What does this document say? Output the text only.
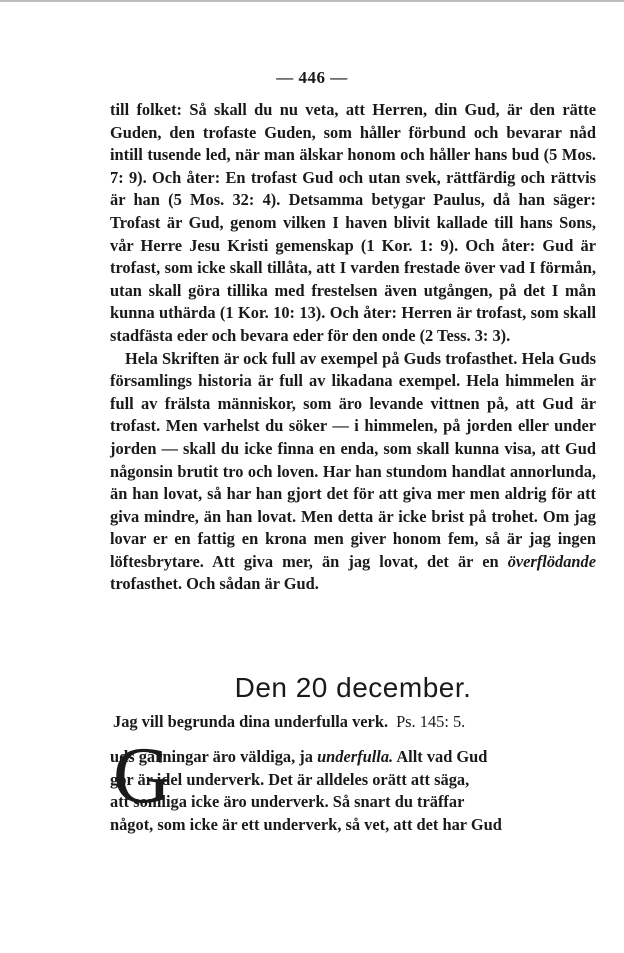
— 446 —

till folket: Så skall du nu veta, att Herren, din Gud, är den rätte Guden, den trofaste Guden, som håller förbund och bevarar nåd intill tusende led, när man älskar honom och håller hans bud (5 Mos. 7: 9). Och åter: En trofast Gud och utan svek, rättfärdig och rättvis är han (5 Mos. 32: 4). Detsamma betygar Paulus, då han säger: Trofast är Gud, genom vilken I haven blivit kallade till hans Sons, vår Herre Jesu Kristi gemenskap (1 Kor. 1: 9). Och åter: Gud är trofast, som icke skall tillåta, att I varden frestade över vad I förmån, utan skall göra tillika med frestelsen även utgången, på det I mån kunna uthärda (1 Kor. 10: 13). Och åter: Herren är trofast, som skall stadfästa eder och bevara eder för den onde (2 Tess. 3: 3).

Hela Skriften är ock full av exempel på Guds trofasthet. Hela Guds församlings historia är full av likadana exempel. Hela himmelen är full av frälsta människor, som äro levande vittnen på, att Gud är trofast. Men varhelst du söker — i himmelen, på jorden eller under jorden — skall du icke finna en enda, som skall kunna visa, att Gud någonsin brutit tro och loven. Har han stundom handlat annorlunda, än han lovat, så har han gjort det för att giva mer men aldrig för att giva mindre, än han lovat. Men detta är icke brist på trohet. Om jag lovar er en fattig en krona men giver honom fem, så är jag ingen löftesbrytare. Att giva mer, än jag lovat, det är en överflödande trofasthet. Och sådan är Gud.

Den 20 december.
Jag vill begrunda dina underfulla verk. Ps. 145: 5.
G

uds gärningar äro väldiga, ja underfulla. Allt vad Gud

gör är idel underverk. Det är alldeles orätt att säga,

att somliga icke äro underverk. Så snart du träffar

något, som icke är ett underverk, så vet, att det har Gud
